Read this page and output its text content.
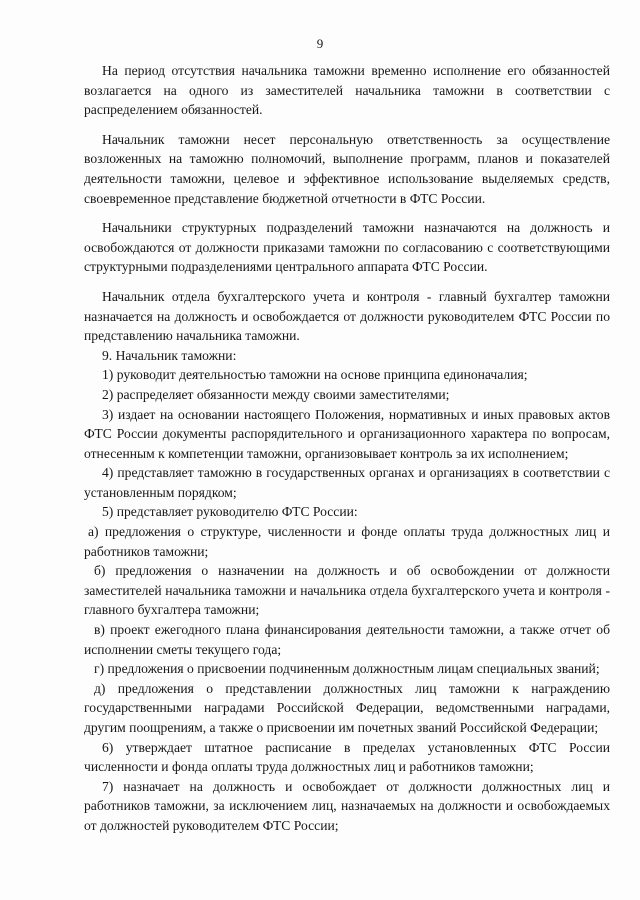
9

На период отсутствия начальника таможни временно исполнение его обязанностей возлагается на одного из заместителей начальника таможни в соответствии с распределением обязанностей.

Начальник таможни несет персональную ответственность за осуществление возложенных на таможню полномочий, выполнение программ, планов и показателей деятельности таможни, целевое и эффективное использование выделяемых средств, своевременное представление бюджетной отчетности в ФТС России.

Начальники структурных подразделений таможни назначаются на должность и освобождаются от должности приказами таможни по согласованию с соответствующими структурными подразделениями центрального аппарата ФТС России.

Начальник отдела бухгалтерского учета и контроля - главный бухгалтер таможни назначается на должность и освобождается от должности руководителем ФТС России по представлению начальника таможни.

9. Начальник таможни:

1) руководит деятельностью таможни на основе принципа единоначалия;

2) распределяет обязанности между своими заместителями;

3) издает на основании настоящего Положения, нормативных и иных правовых актов ФТС России документы распорядительного и организационного характера по вопросам, отнесенным к компетенции таможни, организовывает контроль за их исполнением;

4) представляет таможню в государственных органах и организациях в соответствии с установленным порядком;

5) представляет руководителю ФТС России:

а) предложения о структуре, численности и фонде оплаты труда должностных лиц и работников таможни;

б) предложения о назначении на должность и об освобождении от должности заместителей начальника таможни и начальника отдела бухгалтерского учета и контроля - главного бухгалтера таможни;

в) проект ежегодного плана финансирования деятельности таможни, а также отчет об исполнении сметы текущего года;

г) предложения о присвоении подчиненным должностным лицам специальных званий;

д) предложения о представлении должностных лиц таможни к награждению государственными наградами Российской Федерации, ведомственными наградами, другим поощрениям, а также о присвоении им почетных званий Российской Федерации;

6) утверждает штатное расписание в пределах установленных ФТС России численности и фонда оплаты труда должностных лиц и работников таможни;

7) назначает на должность и освобождает от должности должностных лиц и работников таможни, за исключением лиц, назначаемых на должности и освобождаемых от должностей руководителем ФТС России;
